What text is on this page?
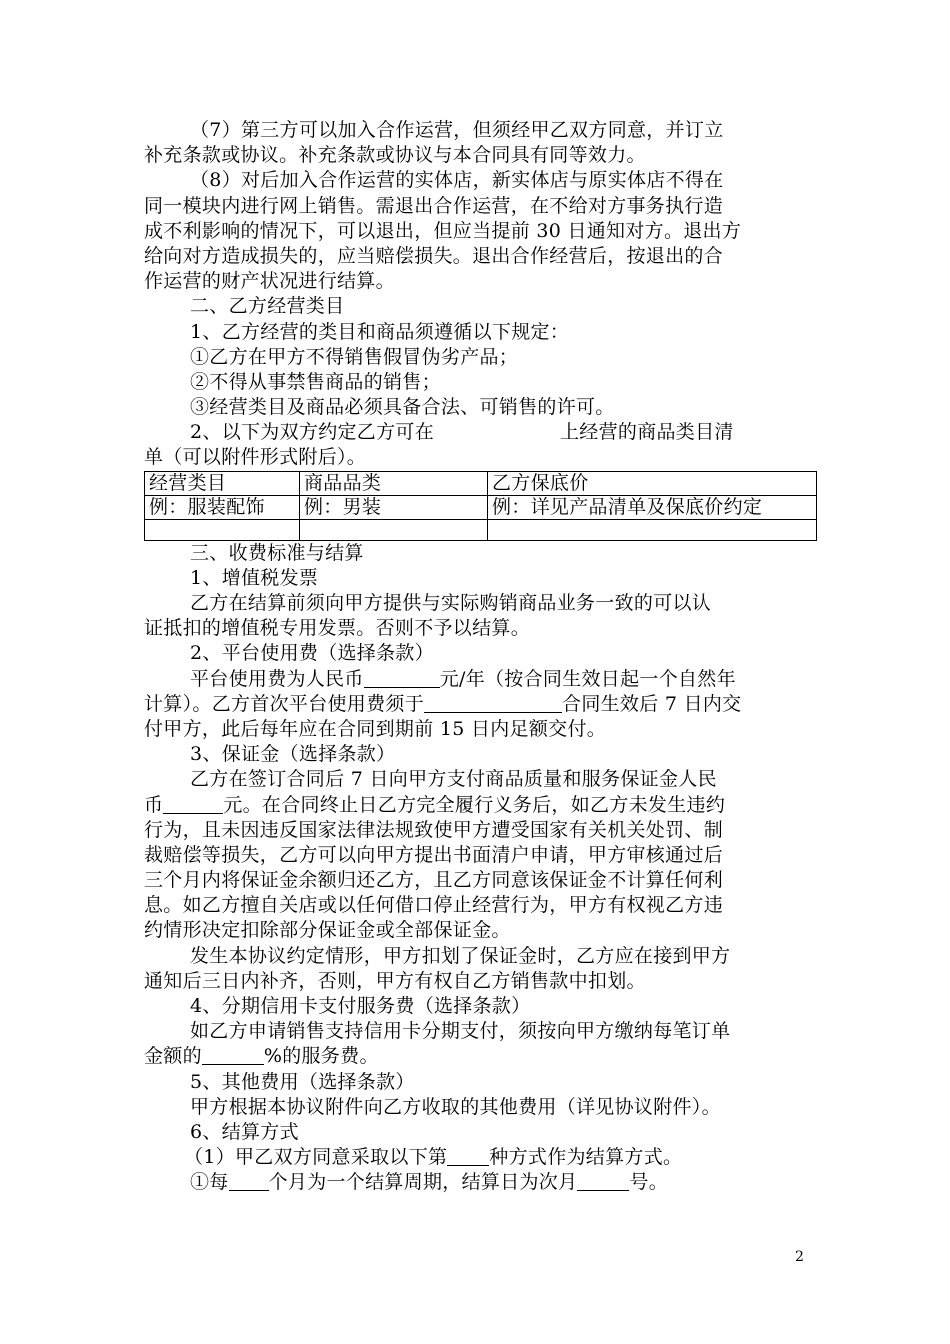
（7）第三方可以加入合作运营，但须经甲乙双方同意，并订立
补充条款或协议。补充条款或协议与本合同具有同等效力。
（8）对后加入合作运营的实体店，新实体店与原实体店不得在
同一模块内进行网上销售。需退出合作运营，在不给对方事务执行造
成不利影响的情况下，可以退出，但应当提前 30 日通知对方。退出方
给向对方造成损失的，应当赔偿损失。退出合作经营后，按退出的合
作运营的财产状况进行结算。
二、乙方经营类目
1、乙方经营的类目和商品须遵循以下规定：
①乙方在甲方不得销售假冒伪劣产品；
②不得从事禁售商品的销售；
③经营类目及商品必须具备合法、可销售的许可。
2、以下为双方约定乙方可在	上经营的商品类目清
单（可以附件形式附后）。
经营类目	商品品类	乙方保底价
例：服装配饰	例：男装	例：详见产品清单及保底价约定

三、收费标准与结算
1、增值税发票
乙方在结算前须向甲方提供与实际购销商品业务一致的可以认
证抵扣的增值税专用发票。否则不予以结算。
2、平台使用费（选择条款）
平台使用费为人民币	元/年（按合同生效日起一个自然年
计算）。乙方首次平台使用费须于	合同生效后 7 日内交
付甲方，此后每年应在合同到期前 15 日内足额交付。
3、保证金（选择条款）
乙方在签订合同后 7 日向甲方支付商品质量和服务保证金人民
币	元。在合同终止日乙方完全履行义务后，如乙方未发生违约
行为，且未因违反国家法律法规致使甲方遭受国家有关机关处罚、制
裁赔偿等损失，乙方可以向甲方提出书面清户申请，甲方审核通过后
三个月内将保证金余额归还乙方，且乙方同意该保证金不计算任何利
息。如乙方擅自关店或以任何借口停止经营行为，甲方有权视乙方违
约情形决定扣除部分保证金或全部保证金。
发生本协议约定情形，甲方扣划了保证金时，乙方应在接到甲方
通知后三日内补齐，否则，甲方有权自乙方销售款中扣划。
4、分期信用卡支付服务费（选择条款）
如乙方申请销售支持信用卡分期支付，须按向甲方缴纳每笔订单
金额的	%的服务费。
5、其他费用（选择条款）
甲方根据本协议附件向乙方收取的其他费用（详见协议附件）。
6、结算方式
（1）甲乙双方同意采取以下第 种方式作为结算方式。
①每 个月为一个结算周期，结算日为次月	号。
2
